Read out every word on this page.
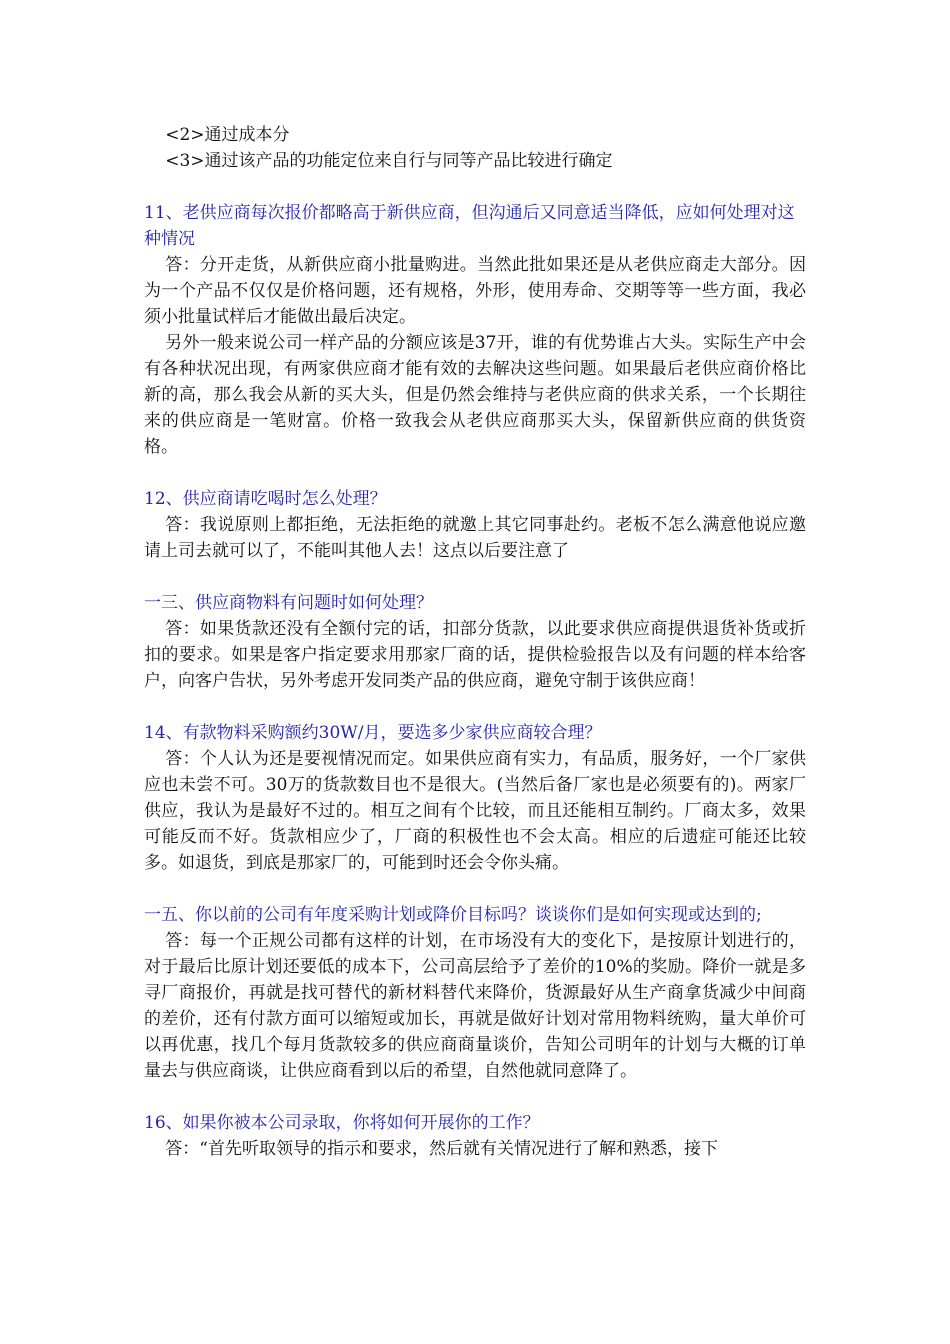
<2>通过成本分

<3>通过该产品的功能定位来自行与同等产品比较进行确定

11、老供应商每次报价都略高于新供应商，但沟通后又同意适当降低，应如何处理对这种情况

答：分开走货，从新供应商小批量购进。当然此批如果还是从老供应商走大部分。因为一个产品不仅仅是价格问题，还有规格，外形，使用寿命、交期等等一些方面，我必须小批量试样后才能做出最后决定。

另外一般来说公司一样产品的分额应该是37开，谁的有优势谁占大头。实际生产中会有各种状况出现，有两家供应商才能有效的去解决这些问题。如果最后老供应商价格比新的高，那么我会从新的买大头，但是仍然会维持与老供应商的供求关系，一个长期往来的供应商是一笔财富。价格一致我会从老供应商那买大头，保留新供应商的供货资格。

12、供应商请吃喝时怎么处理？

答：我说原则上都拒绝，无法拒绝的就邀上其它同事赴约。老板不怎么满意他说应邀请上司去就可以了，不能叫其他人去！这点以后要注意了

一三、供应商物料有问题时如何处理？

答：如果货款还没有全额付完的话，扣部分货款，以此要求供应商提供退货补货或折扣的要求。如果是客户指定要求用那家厂商的话，提供检验报告以及有问题的样本给客户，向客户告状，另外考虑开发同类产品的供应商，避免守制于该供应商！

14、有款物料采购额约30W/月，要选多少家供应商较合理？

答：个人认为还是要视情况而定。如果供应商有实力，有品质，服务好，一个厂家供应也未尝不可。30万的货款数目也不是很大。(当然后备厂家也是必须要有的)。两家厂供应，我认为是最好不过的。相互之间有个比较，而且还能相互制约。厂商太多，效果可能反而不好。货款相应少了，厂商的积极性也不会太高。相应的后遗症可能还比较多。如退货，到底是那家厂的，可能到时还会令你头痛。

一五、你以前的公司有年度采购计划或降价目标吗？谈谈你们是如何实现或达到的;

答：每一个正规公司都有这样的计划，在市场没有大的变化下，是按原计划进行的，对于最后比原计划还要低的成本下，公司高层给予了差价的10%的奖励。降价一就是多寻厂商报价，再就是找可替代的新材料替代来降价，货源最好从生产商拿货减少中间商的差价，还有付款方面可以缩短或加长，再就是做好计划对常用物料统购，量大单价可以再优惠，找几个每月货款较多的供应商商量谈价，告知公司明年的计划与大概的订单量去与供应商谈，让供应商看到以后的希望，自然他就同意降了。

16、如果你被本公司录取，你将如何开展你的工作？

答：“首先听取领导的指示和要求，然后就有关情况进行了解和熟悉，接下
